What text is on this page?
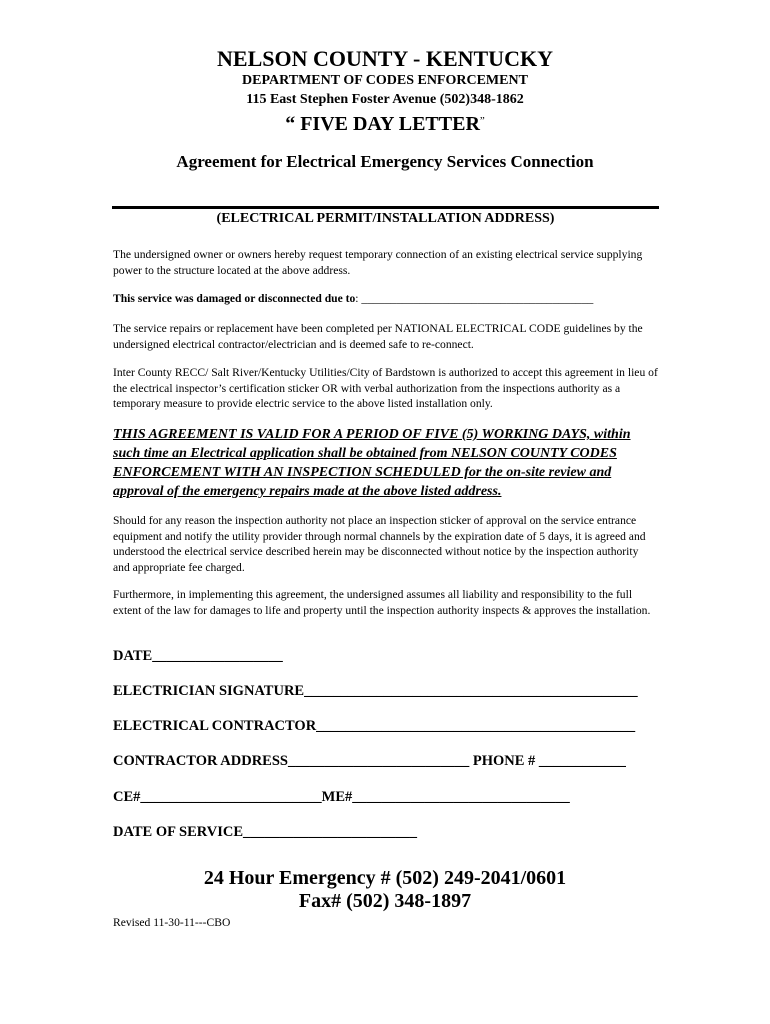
NELSON COUNTY - KENTUCKY
DEPARTMENT OF CODES ENFORCEMENT
115 East Stephen Foster Avenue (502)348-1862
“ FIVE DAY LETTER”
Agreement for Electrical Emergency Services Connection
(ELECTRICAL PERMIT/INSTALLATION ADDRESS)
The undersigned owner or owners hereby request temporary connection of an existing electrical service supplying power to the structure located at the above address.
This service was damaged or disconnected due to: ________________________________________
The service repairs or replacement have been completed per NATIONAL ELECTRICAL CODE guidelines by the undersigned electrical contractor/electrician and is deemed safe to re-connect.
Inter County RECC/ Salt River/Kentucky Utilities/City of Bardstown is authorized to accept this agreement in lieu of the electrical inspector’s certification sticker OR with verbal authorization from the inspections authority as a temporary measure to provide electric service to the above listed installation only.
THIS AGREEMENT IS VALID FOR A PERIOD OF FIVE (5) WORKING DAYS, within such time an Electrical application shall be obtained from NELSON COUNTY CODES ENFORCEMENT WITH AN INSPECTION SCHEDULED for the on-site review and approval of the emergency repairs made at the above listed address.
Should for any reason the inspection authority not place an inspection sticker of approval on the service entrance equipment and notify the utility provider through normal channels by the expiration date of 5 days, it is agreed and understood the electrical service described herein may be disconnected without notice by the inspection authority and appropriate fee charged.
Furthermore, in implementing this agreement, the undersigned assumes all liability and responsibility to the full extent of the law for damages to life and property until the inspection authority inspects & approves the installation.
DATE__________________
ELECTRICIAN SIGNATURE______________________________________________
ELECTRICAL CONTRACTOR____________________________________________
CONTRACTOR ADDRESS_________________________ PHONE # ____________
CE#_________________________ME#______________________________
DATE OF SERVICE________________________
24 Hour Emergency # (502) 249-2041/0601
Fax# (502) 348-1897
Revised 11-30-11---CBO
